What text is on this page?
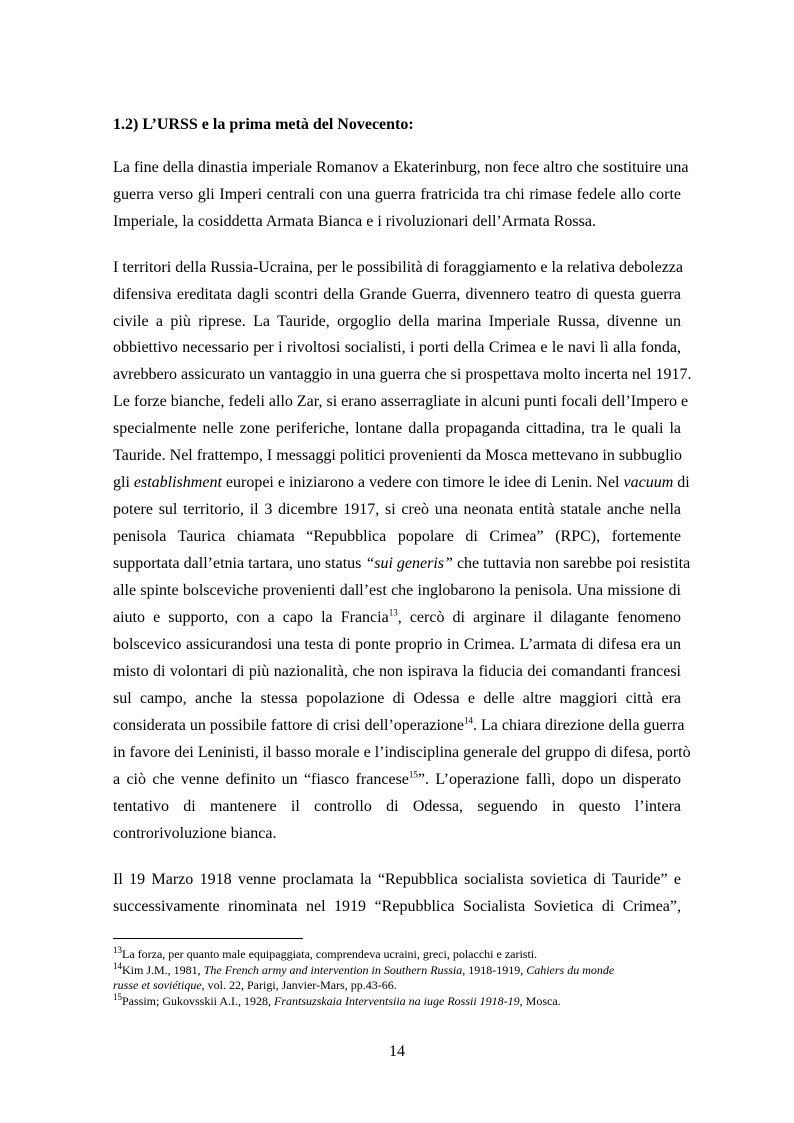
1.2) L’URSS e la prima metà del Novecento:
La fine della dinastia imperiale Romanov a Ekaterinburg, non fece altro che sostituire una
guerra verso gli Imperi centrali con una guerra fratricida tra chi rimase fedele allo corte
Imperiale, la cosiddetta Armata Bianca e i rivoluzionari dell’Armata Rossa.
I territori della Russia-Ucraina, per le possibilità di foraggiamento e la relativa debolezza
difensiva ereditata dagli scontri della Grande Guerra, divennero teatro di questa guerra
civile a più riprese. La Tauride, orgoglio della marina Imperiale Russa, divenne un
obbiettivo necessario per i rivoltosi socialisti, i porti della Crimea e le navi lì alla fonda,
avrebbero assicurato un vantaggio in una guerra che si prospettava molto incerta nel 1917.
Le forze bianche, fedeli allo Zar, si erano asserragliate in alcuni punti focali dell’Impero e
specialmente nelle zone periferiche, lontane dalla propaganda cittadina, tra le quali la
Tauride. Nel frattempo, I messaggi politici provenienti da Mosca mettevano in subbuglio
gli establishment europei e iniziarono a vedere con timore le idee di Lenin. Nel vacuum di
potere sul territorio, il 3 dicembre 1917, si creò una neonata entità statale anche nella
penisola Taurica chiamata “Repubblica popolare di Crimea” (RPC), fortemente
supportata dall’etnia tartara, uno status “sui generis” che tuttavia non sarebbe poi resistita
alle spinte bolsceviche provenienti dall’est che inglobarono la penisola. Una missione di
aiuto e supporto, con a capo la Francia$^{13}$, cercò di arginare il dilagante fenomeno
bolscevico assicurandosi una testa di ponte proprio in Crimea. L’armata di difesa era un
misto di volontari di più nazionalità, che non ispirava la fiducia dei comandanti francesi
sul campo, anche la stessa popolazione di Odessa e delle altre maggiori città era
considerata un possibile fattore di crisi dell’operazione$^{14}$. La chiara direzione della guerra
in favore dei Leninisti, il basso morale e l’indisciplina generale del gruppo di difesa, portò
a ciò che venne definito un “fiasco francese$^{15}$”. L’operazione fallì, dopo un disperato
tentativo di mantenere il controllo di Odessa, seguendo in questo l’intera
controrivoluzione bianca.
Il 19 Marzo 1918 venne proclamata la “Repubblica socialista sovietica di Tauride” e
successivamente rinominata nel 1919 “Repubblica Socialista Sovietica di Crimea”,
$^{13}$La forza, per quanto male equipaggiata, comprendeva ucraini, greci, polacchi e zaristi.
$^{14}$Kim J.M., 1981, The French army and intervention in Southern Russia, 1918-1919, Cahiers du monde
russe et soviétique, vol. 22, Parigi, Janvier-Mars, pp.43-66.
$^{15}$Passim; Gukovsskii A.I., 1928, Frantsuzskaia Interventsiia na iuge Rossii 1918-19, Mosca.
14
